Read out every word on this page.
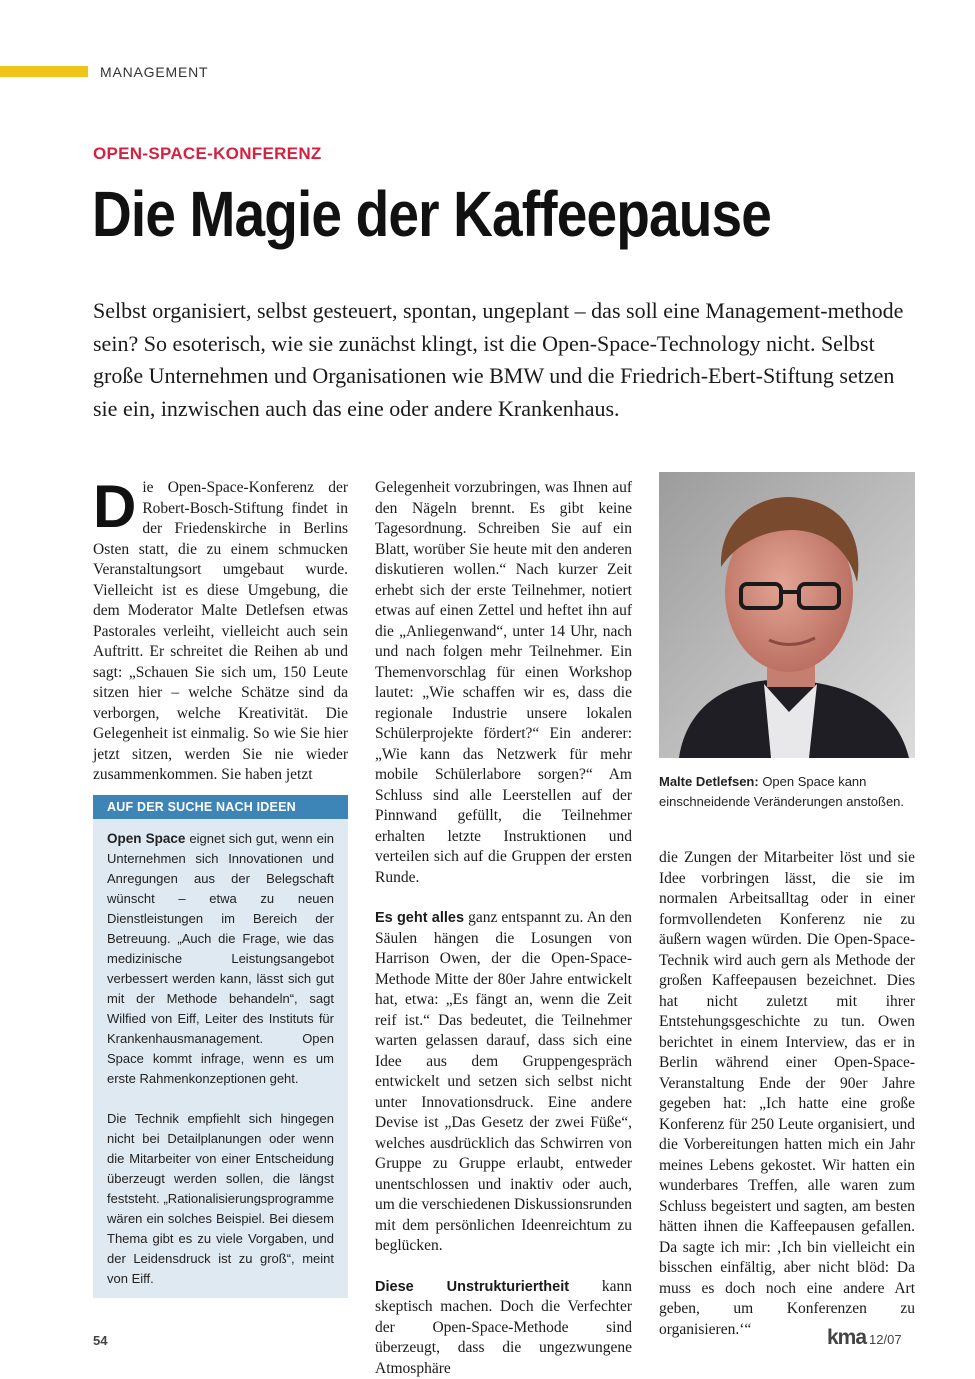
MANAGEMENT
OPEN-SPACE-KONFERENZ
Die Magie der Kaffeepause

Selbst organisiert, selbst gesteuert, spontan, ungeplant – das soll eine Management-methode sein? So esoterisch, wie sie zunächst klingt, ist die Open-Space-Technology nicht. Selbst große Unternehmen und Organisationen wie BMW und die Friedrich-Ebert-Stiftung setzen sie ein, inzwischen auch das eine oder andere Krankenhaus.

Die Open-Space-Konferenz der Robert-Bosch-Stiftung findet in der Friedenskirche in Berlins Osten statt, die zu einem schmucken Veranstaltungsort umgebaut wurde. Vielleicht ist es diese Umgebung, die dem Moderator Malte Detlefsen etwas Pastorales verleiht, vielleicht auch sein Auftritt. Er schreitet die Reihen ab und sagt: „Schauen Sie sich um, 150 Leute sitzen hier – welche Schätze sind da verborgen, welche Kreativität. Die Gelegenheit ist einmalig. So wie Sie hier jetzt sitzen, werden Sie nie wieder zusammenkommen. Sie haben jetzt

AUF DER SUCHE NACH IDEEN

Open Space eignet sich gut, wenn ein Unternehmen sich Innovationen und Anregungen aus der Belegschaft wünscht – etwa zu neuen Dienstleistungen im Bereich der Betreuung. „Auch die Frage, wie das medizinische Leistungsangebot verbessert werden kann, lässt sich gut mit der Methode behandeln“, sagt Wilfied von Eiff, Leiter des Instituts für Krankenhausmanagement. Open Space kommt infrage, wenn es um erste Rahmenkonzeptionen geht.

Die Technik empfiehlt sich hingegen nicht bei Detailplanungen oder wenn die Mitarbeiter von einer Entscheidung überzeugt werden sollen, die längst feststeht. „Rationalisierungsprogramme wären ein solches Beispiel. Bei diesem Thema gibt es zu viele Vorgaben, und der Leidensdruck ist zu groß“, meint von Eiff.

Gelegenheit vorzubringen, was Ihnen auf den Nägeln brennt. Es gibt keine Tagesordnung. Schreiben Sie auf ein Blatt, worüber Sie heute mit den anderen diskutieren wollen.“ Nach kurzer Zeit erhebt sich der erste Teilnehmer, notiert etwas auf einen Zettel und heftet ihn auf die „Anliegenwand“, unter 14 Uhr, nach und nach folgen mehr Teilnehmer. Ein Themenvorschlag für einen Workshop lautet: „Wie schaffen wir es, dass die regionale Industrie unsere lokalen Schülerprojekte fördert?“ Ein anderer: „Wie kann das Netzwerk für mehr mobile Schülerlabore sorgen?“ Am Schluss sind alle Leerstellen auf der Pinnwand gefüllt, die Teilnehmer erhalten letzte Instruktionen und verteilen sich auf die Gruppen der ersten Runde.

Es geht alles ganz entspannt zu. An den Säulen hängen die Losungen von Harrison Owen, der die Open-Space-Methode Mitte der 80er Jahre entwickelt hat, etwa: „Es fängt an, wenn die Zeit reif ist.“ Das bedeutet, die Teilnehmer warten gelassen darauf, dass sich eine Idee aus dem Gruppengespräch entwickelt und setzen sich selbst nicht unter Innovationsdruck. Eine andere Devise ist „Das Gesetz der zwei Füße“, welches ausdrücklich das Schwirren von Gruppe zu Gruppe erlaubt, entweder unentschlossen und inaktiv oder auch, um die verschiedenen Diskussionsrunden mit dem persönlichen Ideenreichtum zu beglücken.

Diese Unstrukturiertheit kann skeptisch machen. Doch die Verfechter der Open-Space-Methode sind überzeugt, dass die ungezwungene Atmosphäre

Malte Detlefsen: Open Space kann einschneidende Veränderungen anstoßen.

die Zungen der Mitarbeiter löst und sie Idee vorbringen lässt, die sie im normalen Arbeitsalltag oder in einer formvollendeten Konferenz nie zu äußern wagen würden. Die Open-Space-Technik wird auch gern als Methode der großen Kaffeepausen bezeichnet. Dies hat nicht zuletzt mit ihrer Entstehungsgeschichte zu tun. Owen berichtet in einem Interview, das er in Berlin während einer Open-Space-Veranstaltung Ende der 90er Jahre gegeben hat: „Ich hatte eine große Konferenz für 250 Leute organisiert, und die Vorbereitungen hatten mich ein Jahr meines Lebens gekostet. Wir hatten ein wunderbares Treffen, alle waren zum Schluss begeistert und sagten, am besten hätten ihnen die Kaffeepausen gefallen. Da sagte ich mir: ‚Ich bin vielleicht ein bisschen einfältig, aber nicht blöd: Da muss es doch noch eine andere Art geben, um Konferenzen zu organisieren.‘“

54	kma 12/07
